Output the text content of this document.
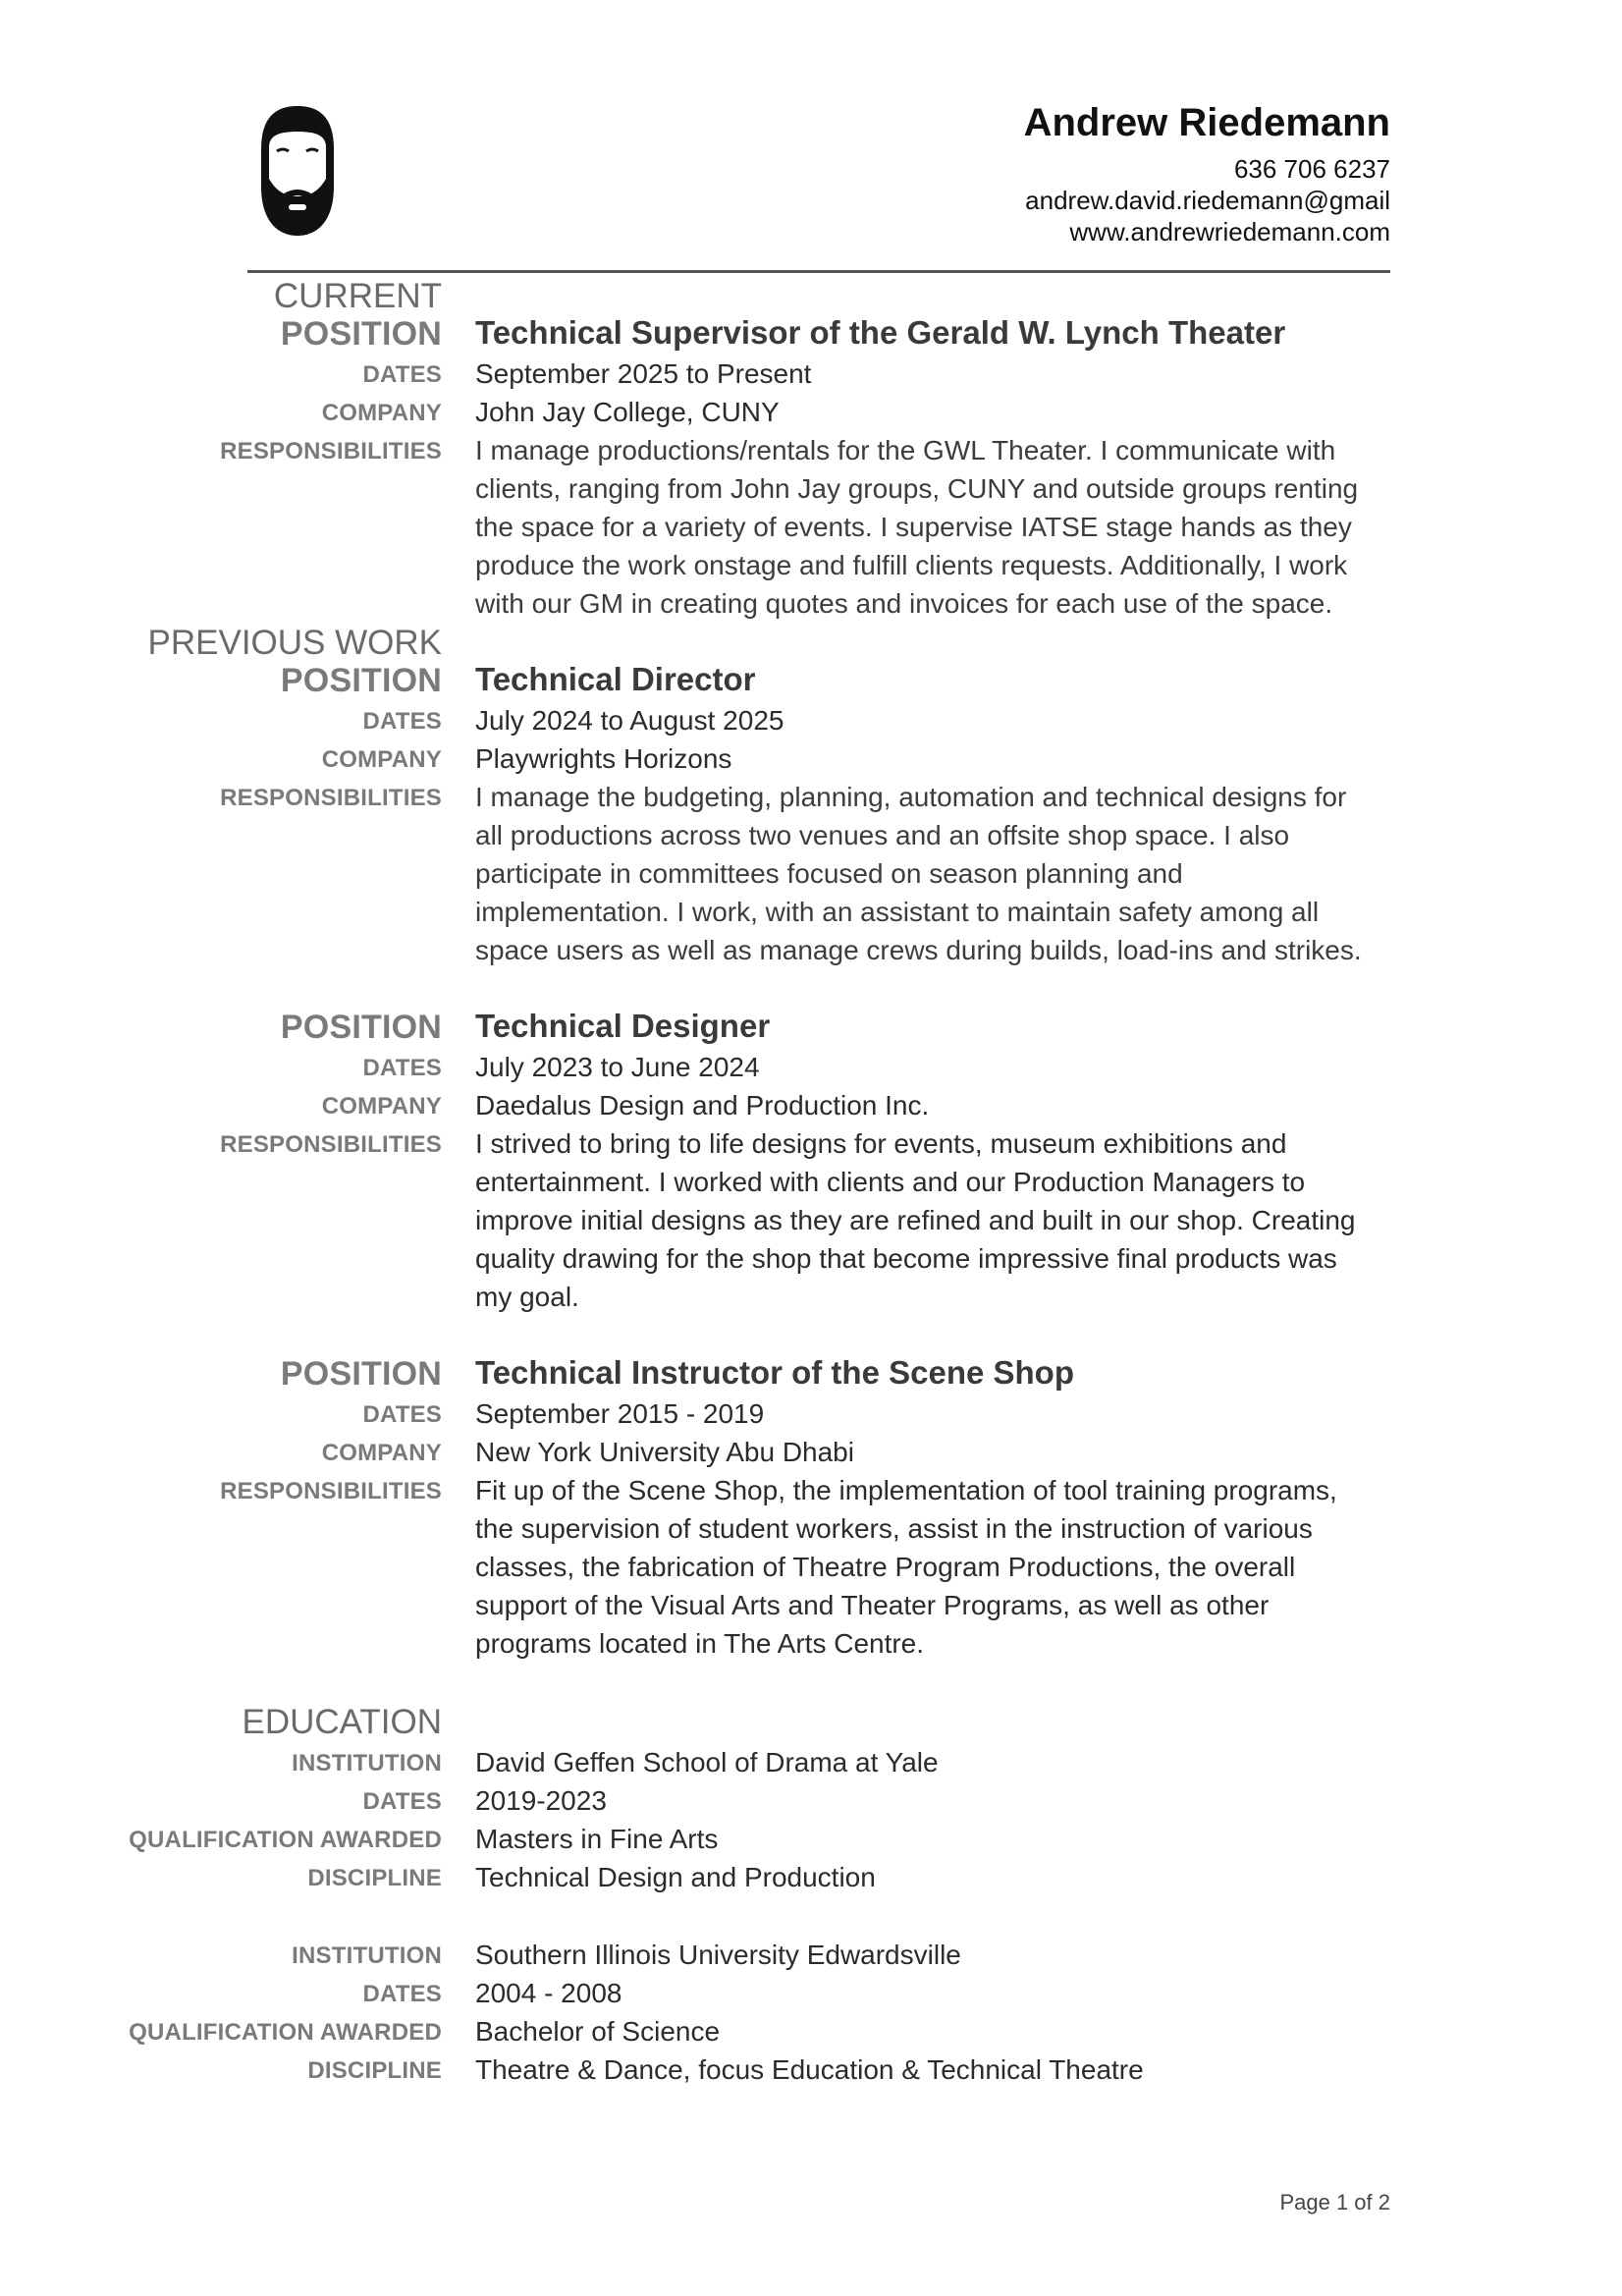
Andrew Riedemann
636 706 6237
andrew.david.riedemann@gmail
www.andrewriedemann.com
CURRENT
POSITION Technical Supervisor of the Gerald W. Lynch Theater
DATES September 2025 to Present
COMPANY John Jay College, CUNY
RESPONSIBILITIES I manage productions/rentals for the GWL Theater. I communicate with
clients, ranging from John Jay groups, CUNY and outside groups renting
the space for a variety of events. I supervise IATSE stage hands as they
produce the work onstage and fulfill clients requests. Additionally, I work
with our GM in creating quotes and invoices for each use of the space.
PREVIOUS WORK
POSITION Technical Director
DATES July 2024 to August 2025
COMPANY Playwrights Horizons
RESPONSIBILITIES I manage the budgeting, planning, automation and technical designs for
all productions across two venues and an offsite shop space. I also
participate in committees focused on season planning and
implementation. I work, with an assistant to maintain safety among all
space users as well as manage crews during builds, load-ins and strikes.
POSITION Technical Designer
DATES July 2023 to June 2024
COMPANY Daedalus Design and Production Inc.
RESPONSIBILITIES I strived to bring to life designs for events, museum exhibitions and
entertainment. I worked with clients and our Production Managers to
improve initial designs as they are refined and built in our shop. Creating
quality drawing for the shop that become impressive final products was
my goal.
POSITION Technical Instructor of the Scene Shop
DATES September 2015 - 2019
COMPANY New York University Abu Dhabi
RESPONSIBILITIES Fit up of the Scene Shop, the implementation of tool training programs,
the supervision of student workers, assist in the instruction of various
classes, the fabrication of Theatre Program Productions, the overall
support of the Visual Arts and Theater Programs, as well as other
programs located in The Arts Centre.
EDUCATION
INSTITUTION David Geffen School of Drama at Yale
DATES 2019-2023
QUALIFICATION AWARDED Masters in Fine Arts
DISCIPLINE Technical Design and Production
INSTITUTION Southern Illinois University Edwardsville
DATES 2004 - 2008
QUALIFICATION AWARDED Bachelor of Science
DISCIPLINE Theatre & Dance, focus Education & Technical Theatre
Page 1 of 2
